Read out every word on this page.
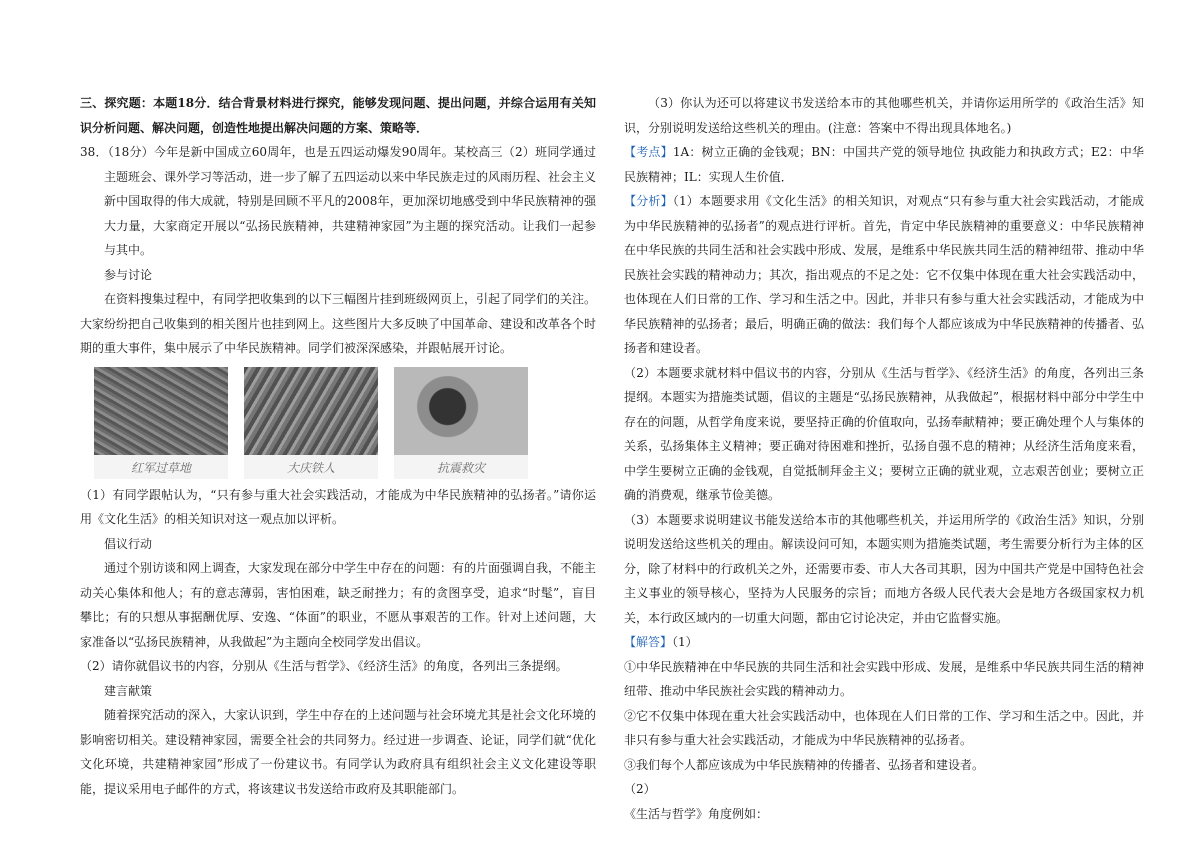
三、探究题：本题18分．结合背景材料进行探究，能够发现问题、提出问题，并综合运用有关知识分析问题、解决问题，创造性地提出解决问题的方案、策略等．

38．（18分）今年是新中国成立60周年，也是五四运动爆发90周年。某校高三（2）班同学通过主题班会、课外学习等活动，进一步了解了五四运动以来中华民族走过的风雨历程、社会主义新中国取得的伟大成就，特别是回顾不平凡的2008年，更加深切地感受到中华民族精神的强大力量，大家商定开展以“弘扬民族精神，共建精神家园”为主题的探究活动。让我们一起参与其中。

参与讨论

在资料搜集过程中，有同学把收集到的以下三幅图片挂到班级网页上，引起了同学们的关注。大家纷纷把自己收集到的相关图片也挂到网上。这些图片大多反映了中国革命、建设和改革各个时期的重大事件，集中展示了中华民族精神。同学们被深深感染，并跟帖展开讨论。

红军过草地	大庆铁人	抗震救灾

（1）有同学跟帖认为，“只有参与重大社会实践活动，才能成为中华民族精神的弘扬者。”请你运用《文化生活》的相关知识对这一观点加以评析。

倡议行动

通过个别访谈和网上调查，大家发现在部分中学生中存在的问题：有的片面强调自我，不能主动关心集体和他人；有的意志薄弱，害怕困难，缺乏耐挫力；有的贪图享受，追求“时髦”，盲目攀比；有的只想从事据酬优厚、安逸、“体面”的职业，不愿从事艰苦的工作。针对上述问题，大家准备以“弘扬民族精神，从我做起”为主题向全校同学发出倡议。

（2）请你就倡议书的内容，分别从《生活与哲学》、《经济生活》的角度，各列出三条提纲。

建言献策

随着探究活动的深入，大家认识到，学生中存在的上述问题与社会环境尤其是社会文化环境的影响密切相关。建设精神家园，需要全社会的共同努力。经过进一步调查、论证，同学们就“优化文化环境，共建精神家园”形成了一份建议书。有同学认为政府具有组织社会主义文化建设等职能，提议采用电子邮件的方式，将该建议书发送给市政府及其职能部门。

（3）你认为还可以将建议书发送给本市的其他哪些机关，并请你运用所学的《政治生活》知识，分别说明发送给这些机关的理由。(注意：答案中不得出现具体地名。)

【考点】1A：树立正确的金钱观；BN：中国共产党的领导地位 执政能力和执政方式；E2：中华民族精神；IL：实现人生价值．

【分析】（1）本题要求用《文化生活》的相关知识，对观点“只有参与重大社会实践活动，才能成为中华民族精神的弘扬者”的观点进行评析。首先，肯定中华民族精神的重要意义：中华民族精神在中华民族的共同生活和社会实践中形成、发展，是维系中华民族共同生活的精神纽带、推动中华民族社会实践的精神动力；其次，指出观点的不足之处：它不仅集中体现在重大社会实践活动中，也体现在人们日常的工作、学习和生活之中。因此，并非只有参与重大社会实践活动，才能成为中华民族精神的弘扬者；最后，明确正确的做法：我们每个人都应该成为中华民族精神的传播者、弘扬者和建设者。

（2）本题要求就材料中倡议书的内容，分别从《生活与哲学》、《经济生活》的角度，各列出三条提纲。本题实为措施类试题，倡议的主题是“弘扬民族精神，从我做起”，根据材料中部分中学生中存在的问题，从哲学角度来说，要坚持正确的价值取向，弘扬奉献精神；要正确处理个人与集体的关系，弘扬集体主义精神；要正确对待困难和挫折，弘扬自强不息的精神；从经济生活角度来看，中学生要树立正确的金钱观，自觉抵制拜金主义；要树立正确的就业观，立志艰苦创业；要树立正确的消费观，继承节俭美德。

（3）本题要求说明建议书能发送给本市的其他哪些机关，并运用所学的《政治生活》知识，分别说明发送给这些机关的理由。解读设问可知，本题实则为措施类试题，考生需要分析行为主体的区分，除了材料中的行政机关之外，还需要市委、市人大各司其职，因为中国共产党是中国特色社会主义事业的领导核心，坚持为人民服务的宗旨；而地方各级人民代表大会是地方各级国家权力机关，本行政区域内的一切重大问题，都由它讨论决定，并由它监督实施。

【解答】（1）

①中华民族精神在中华民族的共同生活和社会实践中形成、发展，是维系中华民族共同生活的精神纽带、推动中华民族社会实践的精神动力。

②它不仅集中体现在重大社会实践活动中，也体现在人们日常的工作、学习和生活之中。因此，并非只有参与重大社会实践活动，才能成为中华民族精神的弘扬者。

③我们每个人都应该成为中华民族精神的传播者、弘扬者和建设者。

（2）

《生活与哲学》角度例如：
